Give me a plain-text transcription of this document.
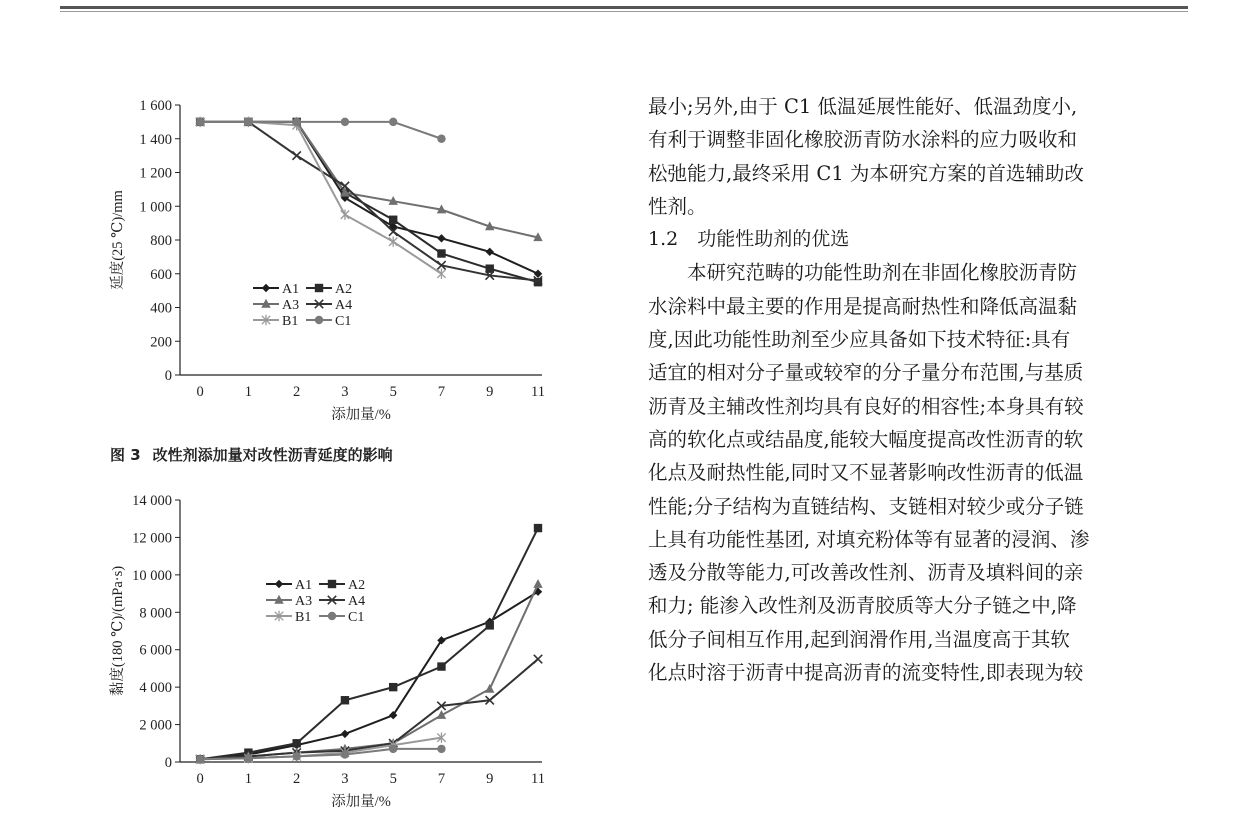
0
200
400
600
800
1 000
1 200
1 400
1 600
0	1	2	3	5	7	9	11
添加量/%
延度(25 ℃)/mm	A1	A2
A3	A4
B1	C1
图 3 改性剂添加量对改性沥青延度的影响
0
2 000
4 000
6 000
8 000
10 000
12 000
14 000
0	1	2	3	5	7	9	11
添加量/%
黏度(180 ℃)/(mPa·s)	A1	A2
A3	A4
B1	C1

最小;另外,由于 C1 低温延展性能好、低温劲度小,
有利于调整非固化橡胶沥青防水涂料的应力吸收和
松弛能力,最终采用 C1 为本研究方案的首选辅助改
性剂。

1.2　功能性助剂的优选

本研究范畴的功能性助剂在非固化橡胶沥青防
水涂料中最主要的作用是提高耐热性和降低高温黏
度,因此功能性助剂至少应具备如下技术特征:具有
适宜的相对分子量或较窄的分子量分布范围,与基质
沥青及主辅改性剂均具有良好的相容性;本身具有较
高的软化点或结晶度,能较大幅度提高改性沥青的软
化点及耐热性能,同时又不显著影响改性沥青的低温
性能;分子结构为直链结构、支链相对较少或分子链
上具有功能性基团, 对填充粉体等有显著的浸润、渗
透及分散等能力,可改善改性剂、沥青及填料间的亲
和力; 能渗入改性剂及沥青胶质等大分子链之中,降
低分子间相互作用,起到润滑作用,当温度高于其软
化点时溶于沥青中提高沥青的流变特性,即表现为较
